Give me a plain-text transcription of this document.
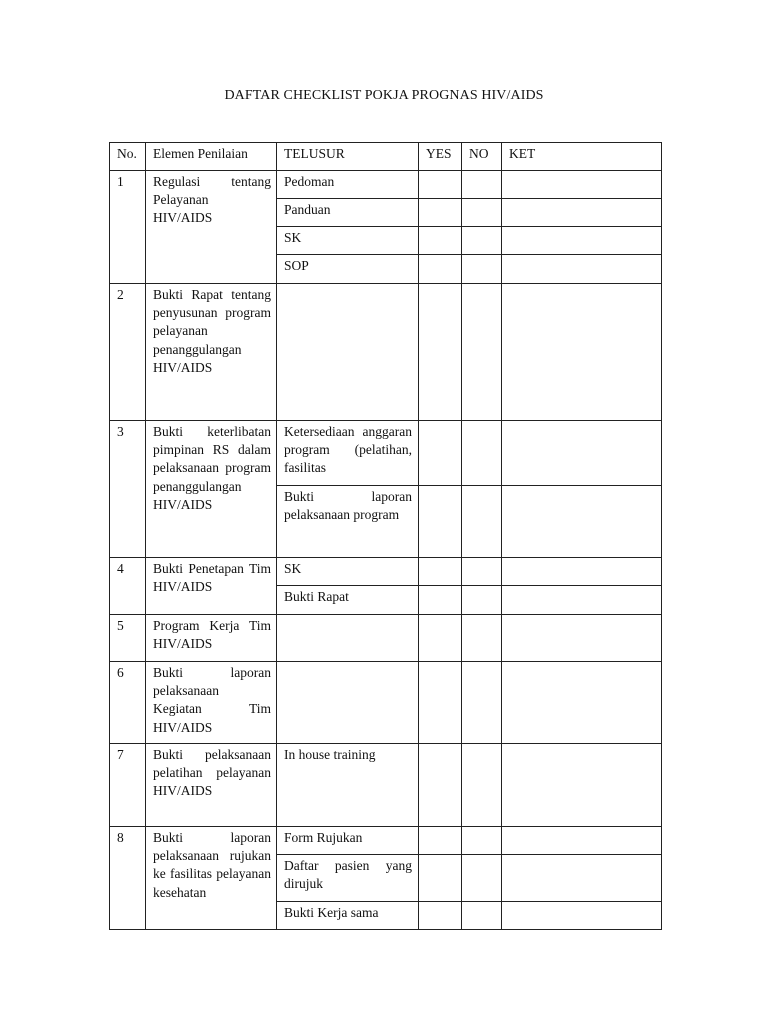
DAFTAR CHECKLIST POKJA PROGNAS HIV/AIDS
No.	Elemen Penilaian	TELUSUR	YES	NO	KET
1	Regulasi tentang Pelayanan HIV/AIDS	Pedoman			
		Panduan			
		SK			
		SOP			
2	Bukti Rapat tentang penyusunan program pelayanan penanggulangan HIV/AIDS				
3	Bukti keterlibatan pimpinan RS dalam pelaksanaan program penanggulangan HIV/AIDS	Ketersediaan anggaran program (pelatihan, fasilitas			
		Bukti laporan pelaksanaan program			
4	Bukti Penetapan Tim HIV/AIDS	SK			
		Bukti Rapat			
5	Program Kerja Tim HIV/AIDS				
6	Bukti laporan pelaksanaan Kegiatan Tim HIV/AIDS				
7	Bukti pelaksanaan pelatihan pelayanan HIV/AIDS	In house training			
8	Bukti laporan pelaksanaan rujukan ke fasilitas pelayanan kesehatan	Form Rujukan			
		Daftar pasien yang dirujuk			
		Bukti Kerja sama			
